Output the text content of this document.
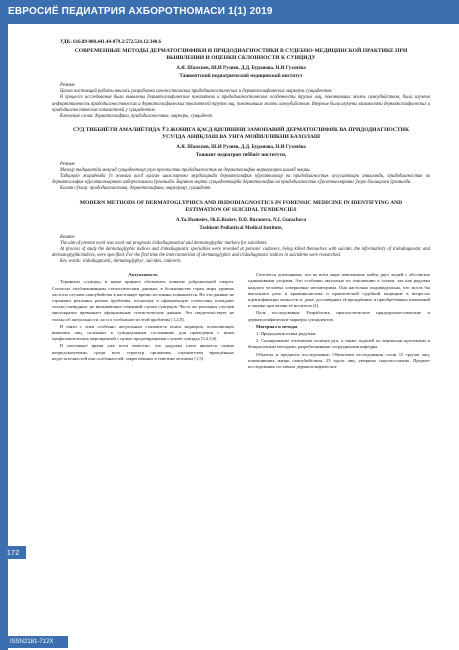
ЕВРОСИЁ ПЕДИАТРИЯ АХБОРОТНОМАСИ 1(1) 2019
172
ISSN2181-712X
УДК: 616.89-008.441.44-079.2:572.524.12:340.6
СОВРЕМЕННЫЕ МЕТОДЫ ДЕРМАТОГЛИФИКИ И ПРИДОДИАГНОСТИКИ В СУДЕБНО-МЕДИЦИНСКОЙ ПРАКТИКЕ ПРИ ВЫЯВЛЕНИИ И ОЦЕНКИ СКЛОННОСТИ К СУИЦИДУ
А.Я. Шамсиев, Ш.И Рузиев, Д.Д. Буранова, Н.И Гузачёва
Ташкентский педиатрический медицинский институт
Резюме

Целью настоящей работы явилась разработка прогностических придодиагностических и дерматоглифических маркеров суицидентов.

В процессе исследования были выявлены дерматоглифические показатели и придодиагностические особенности трупов лиц, покончивших жизнь самоубийством, была изучена информативность придодиагностических и дерматоглифических показателей трупов лиц, покончивших жизнь самоубийством. Впервые были изучены взаимосвязи дерматоглифических и придодиагностических показателей у суицидентов.

Ключевые слова: дерматоглифика, придодиагностика, маркеры, суицидент.

СУД ТИББИЁТИ АМАЛИЁТИДА ЎЗ ЖОНИГА ҚАСД ҚИЛИШНИ ЗАМОНАВИЙ ДЕРМАТОГЛИФИК ВА ПРИДОДИАГНОСТИК УСУЛДА АНИҚЛАШ ВА УНГА МОЙИЛЛИКНИ БАХОЛАШ
А.Я. Шамсиев, Ш.И Рузиев, Д.Д. Буранова, Н.И Гузачёва
Тошкент педиатрия тиббиёт институти,
Резюме

Мазкур тадқиқотда мақсад суицидентлар учун прогностик придодиагностик ва дерматоглифик маркерларни ишлаб чиқиш.

Тадқиқот жараёнида ўз жонига қасд қилган шахсларнинг мурдаларида дерматоглифик кўрсаткичлар ва придодиагностик хусусиятлари аниқланди, придодиагностик ва дерматоглифик кўрсаткичларнинг ахборотлилиги ўрганилди. Биринчи марта суицидентларда дерматоглифик ва придодиагностик кўрсаткичларнинг ўзаро боғлиқлиги ўрганилди.

Калит сўзлар: придодиагностика, дерматоглифика, маркерлар, суицидент.

MODERN METHODS OF DERMATOGLYPHICS AND IRIDODIAGNOSTICS IN FORENSIC MEDICINE IN IDENTIFYING AND ESTIMATION OF SUICIDAL TENDENCIES
A.Ya.Shamsiev, Sh.E.Ruziev, D.D. Buranova, N.I. Guzachova
Tashkent Pediatrical Medical Institute,
Resume

The aim of present work was work out prognosis iridodiagnostical and dermatoglyphic markers for suicidents.

At process of study the dermatoglyphic indices and iridodiagnostic specialties were revealed at persons' cadavers, being killed themselves with suicide, the informativity of iridodiagnostic and dermatoglyphicindices, were specified. For the first time the interconnection of dermatoglyphic and iridodiagnostic indices in suicidents were researched.

Key words: iridodiagnostic, dermatoglyphyc, suicides, cadavers.

Актуальность

Термином «суицид» в науке принято обозначать понятие добровольной смерти. Согласно опубликованным статистическим данным, в большинстве стран мира уровень частоты случаев самоубийства в настоящее время постоянно повышается. Но эти данные не отражают реальных размах проблемы, поскольку в официальную статистику попадают только очевидные, не вызывающие сомнений случаи суицидов. Часто же реальных случаев многократно превышает официальные статистические данные. Это свидетельствует не только об актуальности, но и о глобальности этой проблемы [1,2,8].

В связи с этим особенно актуальным становится поиск маркеров, позволяющих выявлять лиц, склонных к суицидальным состояниям, для проведения с ними профилактических мероприятий с целью предотвращения случаев суицида [3,4,5,6].

В настоящее время уже всем известно, что радужка глаза является самым непредсказуемым, среди всех структур организма, отражателем врождённых недостаточностей или особенностей, закреплённых в генетике человека [1,5].

Считается доказанным, что во всём мире невозможно найти двух людей с абсолютно одинаковыми узорами. Это особенно актуально по отношению к глазам, так как радужка каждого человека совершенно неповторима. Она настолько индивидуальна, что могла бы выполнять роль в криминалистике и практической судебной медицине в вопросах идентификации личности и, даже, достоверных её врождённых и приобретённых изменений и оценки при жизни её носителя [4].

Цель исследования: Разработать прогностические придодиагностические и дерматоглифические маркеры суицидентов.

Материал и методы

1. Придодиагностика радужки.

2. Сканирование отпечатков пальцев рук, а также ладоней по вертикали красочным и безкрасочным методами, разработанными сотрудниками кафедры.

Объекты и предметы исследования: Объектами исследования стали 15 трупов лиц, покончивших жизнь самоубийством, 25 трупа лиц, умерших скоропостижно. Предмет исследования составила дерматоглифическое
